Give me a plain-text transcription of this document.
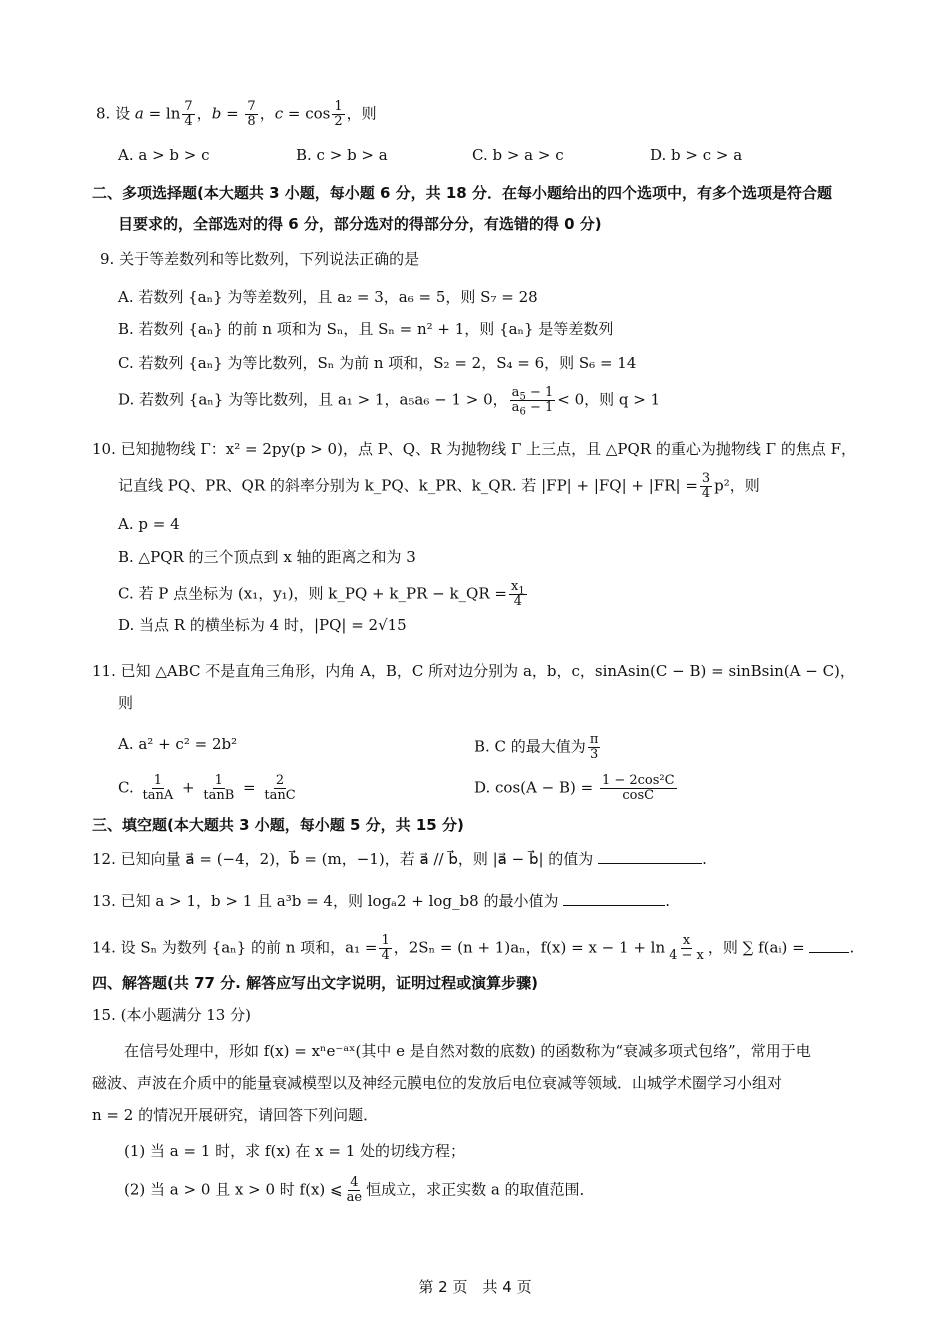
8. 设 $a = \ln \frac{7}{4}$ ，$b = \frac{7}{8}$ ，$c = \cos \frac{1}{2}$ ，则
A. a > b > c	B. c > b > a	C. b > a > c	D. b > c > a
二、多项选择题(本大题共 3 小题，每小题 6 分，共 18 分．在每小题给出的四个选项中，有多个选项是符合题
目要求的，全部选对的得 6 分，部分选对的得部分分，有选错的得 0 分)
9. 关于等差数列和等比数列，下列说法正确的是
A. 若数列 {aₙ} 为等差数列，且 a₂ = 3，a₆ = 5，则 S₇ = 28
B. 若数列 {aₙ} 的前 n 项和为 Sₙ，且 Sₙ = n² + 1，则 {aₙ} 是等差数列
C. 若数列 {aₙ} 为等比数列，Sₙ 为前 n 项和，S₂ = 2，S₄ = 6，则 S₆ = 14
D. 若数列 {aₙ} 为等比数列，且 a₁ > 1，a₅a₆ − 1 > 0， $\frac{a_5 - 1}{a_6 - 1} < 0$，则 q > 1
10. 已知抛物线 Γ：x² = 2py(p > 0)，点 P、Q、R 为抛物线 Γ 上三点，且 △PQR 的重心为抛物线 Γ 的焦点 F，
记直线 PQ、PR、QR 的斜率分别为 k_PQ、k_PR、k_QR. 若 $|FP| + |FQ| + |FR| = \frac{3}{4} p^2$，则
A. p = 4
B. △PQR 的三个顶点到 x 轴的距离之和为 3
C. 若 P 点坐标为 (x₁，y₁)，则 k_PQ + k_PR − k_QR = $\frac{x_1}{4}$
D. 当点 R 的横坐标为 4 时，|PQ| = 2√15
11. 已知 △ABC 不是直角三角形，内角 A，B，C 所对边分别为 a，b，c，sinAsin(C − B) = sinBsin(A − C)，
则
A. a² + c² = 2b²	B. C 的最大值为 $\frac{\pi}{3}$
C. $\frac{1}{\tan A} + \frac{1}{\tan B} = \frac{2}{\tan C}$	D. $\cos(A - B) = \frac{\text{1 − 2cos²C}}{\cos C}$
三、填空题(本大题共 3 小题，每小题 5 分，共 15 分)
12. 已知向量 a⃗ = (−4，2)，b⃗ = (m，−1)，若 a⃗ // b⃗，则 |a⃗ − b⃗| 的值为	.
13. 已知 a > 1，b > 1 且 a³b = 4，则 logₐ2 + log_b8 的最小值为	.
14. 设 Sₙ 为数列 {aₙ} 的前 n 项和，$a_1 = \frac{1}{4}$ ，2Sₙ = (n + 1)aₙ，$f(x) = x - 1 + \ln \frac{x}{4 - x}$ ，则 ∑ f(aᵢ) =	.
四、解答题(共 77 分. 解答应写出文字说明，证明过程或演算步骤)
15. (本小题满分 13 分)
在信号处理中，形如 f(x) = xⁿe⁻ᵃˣ(其中 e 是自然对数的底数) 的函数称为“衰减多项式包络”，常用于电
磁波、声波在介质中的能量衰减模型以及神经元膜电位的发放后电位衰减等领域．山城学术圈学习小组对
n = 2 的情况开展研究，请回答下列问题．
(1) 当 a = 1 时，求 f(x) 在 x = 1 处的切线方程；
(2) 当 a > 0 且 x > 0 时 f(x) ⩽ $\frac{4}{ae}$ 恒成立，求正实数 a 的取值范围．
第 2 页　共 4 页
